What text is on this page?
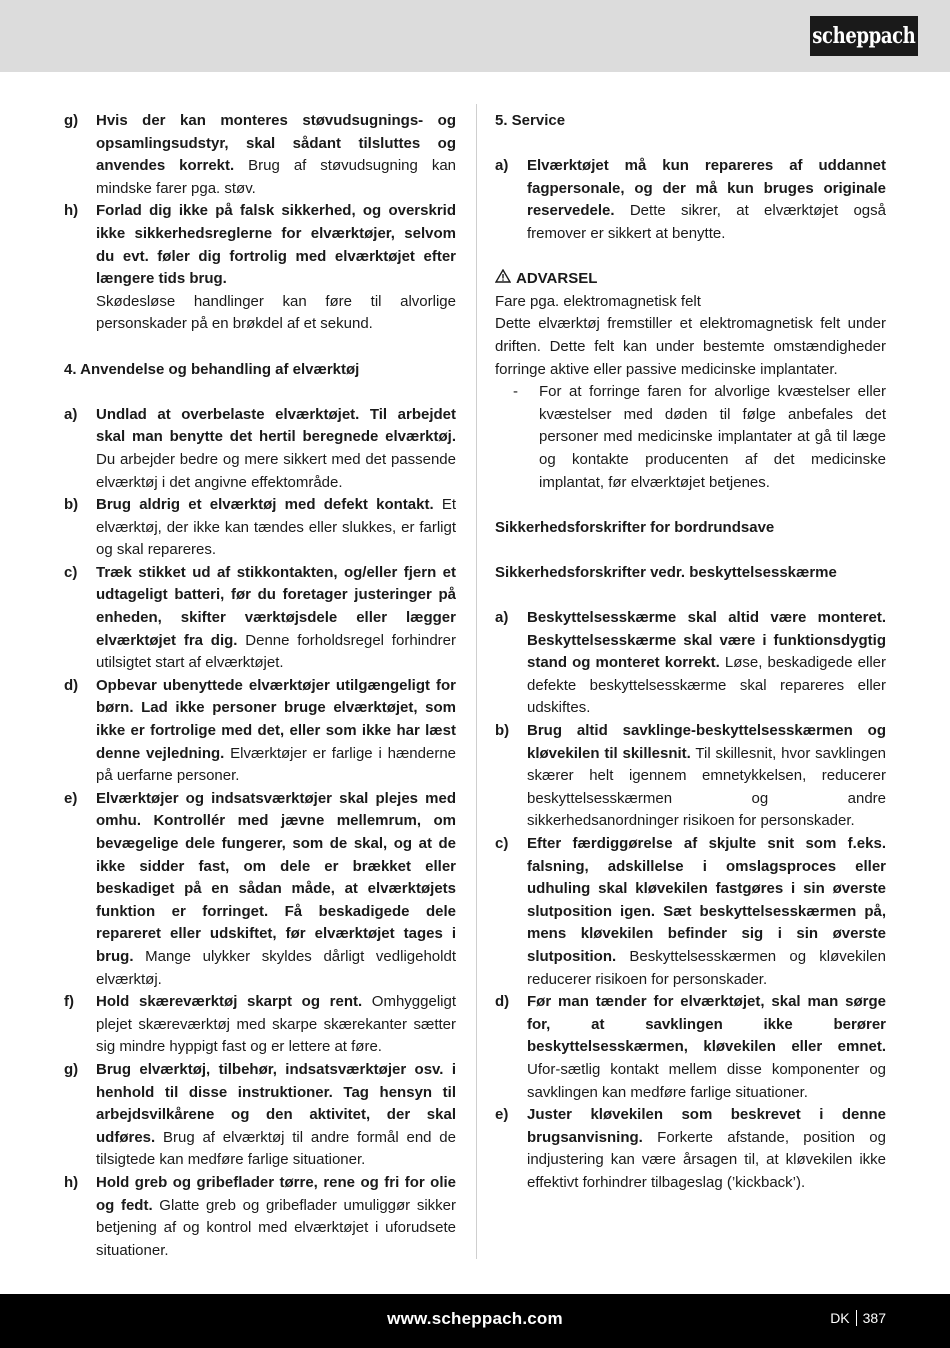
scheppach
g)	Hvis der kan monteres støvudsugnings- og opsamlingsudstyr, skal sådant tilsluttes og anvendes korrekt. Brug af støvudsugning kan mindske farer pga. støv.
h)	Forlad dig ikke på falsk sikkerhed, og overskrid ikke sikkerhedsreglerne for elværktøjer, selvom du evt. føler dig fortrolig med elværktøjet efter længere tids brug.
Skødesløse handlinger kan føre til alvorlige personskader på en brøkdel af et sekund.
4. Anvendelse og behandling af elværktøj
a)	Undlad at overbelaste elværktøjet. Til arbejdet skal man benytte det hertil beregnede elværktøj. Du arbejder bedre og mere sikkert med det passende elværktøj i det angivne effektområde.
b)	Brug aldrig et elværktøj med defekt kontakt. Et elværktøj, der ikke kan tændes eller slukkes, er farligt og skal repareres.
c)	Træk stikket ud af stikkontakten, og/eller fjern et udtageligt batteri, før du foretager justeringer på enheden, skifter værktøjsdele eller lægger elværktøjet fra dig. Denne forholdsregel forhindrer utilsigtet start af elværktøjet.
d)	Opbevar ubenyttede elværktøjer utilgængeligt for børn. Lad ikke personer bruge elværktøjet, som ikke er fortrolige med det, eller som ikke har læst denne vejledning. Elværktøjer er farlige i hænderne på uerfarne personer.
e)	Elværktøjer og indsatsværktøjer skal plejes med omhu. Kontrollér med jævne mellemrum, om bevægelige dele fungerer, som de skal, og at de ikke sidder fast, om dele er brækket eller beskadiget på en sådan måde, at elværktøjets funktion er forringet. Få beskadigede dele repareret eller udskiftet, før elværktøjet tages i brug. Mange ulykker skyldes dårligt vedligeholdt elværktøj.
f)	Hold skæreværktøj skarpt og rent. Omhyggeligt plejet skæreværktøj med skarpe skærekanter sætter sig mindre hyppigt fast og er lettere at føre.
g)	Brug elværktøj, tilbehør, indsatsværktøjer osv. i henhold til disse instruktioner. Tag hensyn til arbejdsvilkårene og den aktivitet, der skal udføres. Brug af elværktøj til andre formål end de tilsigtede kan medføre farlige situationer.
h)	Hold greb og gribeflader tørre, rene og fri for olie og fedt. Glatte greb og gribeflader umuliggør sikker betjening af og kontrol med elværktøjet i uforudsete situationer.
5. Service
a)	Elværktøjet må kun repareres af uddannet fagpersonale, og der må kun bruges originale reservedele. Dette sikrer, at elværktøjet også fremover er sikkert at benytte.
ADVARSEL
Fare pga. elektromagnetisk felt
Dette elværktøj fremstiller et elektromagnetisk felt under driften. Dette felt kan under bestemte omstændigheder forringe aktive eller passive medicinske implantater.
-	For at forringe faren for alvorlige kvæstelser eller kvæstelser med døden til følge anbefales det personer med medicinske implantater at gå til læge og kontakte producenten af det medicinske implantat, før elværktøjet betjenes.
Sikkerhedsforskrifter for bordrundsave
Sikkerhedsforskrifter vedr. beskyttelsesskærme
a)	Beskyttelsesskærme skal altid være monteret. Beskyttelsesskærme skal være i funktionsdygtig stand og monteret korrekt. Løse, beskadigede eller defekte beskyttelsesskærme skal repareres eller udskiftes.
b)	Brug altid savklinge-beskyttelsesskærmen og kløvekilen til skillesnit. Til skillesnit, hvor savklingen skærer helt igennem emnetykkelsen, reducerer beskyttelsesskærmen og andre sikkerhedsanordninger risikoen for personskader.
c)	Efter færdiggørelse af skjulte snit som f.eks. falsning, adskillelse i omslagsproces eller udhuling skal kløvekilen fastgøres i sin øverste slutposition igen. Sæt beskyttelsesskærmen på, mens kløvekilen befinder sig i sin øverste slutposition. Beskyttelsesskærmen og kløvekilen reducerer risikoen for personskader.
d)	Før man tænder for elværktøjet, skal man sørge for, at savklingen ikke berører beskyttelsesskærmen, kløvekilen eller emnet. Ufor-sætlig kontakt mellem disse komponenter og savklingen kan medføre farlige situationer.
e)	Juster kløvekilen som beskrevet i denne brugsanvisning. Forkerte afstande, position og indjustering kan være årsagen til, at kløvekilen ikke effektivt forhindrer tilbageslag (’kickback’).
www.scheppach.com	DK 387
